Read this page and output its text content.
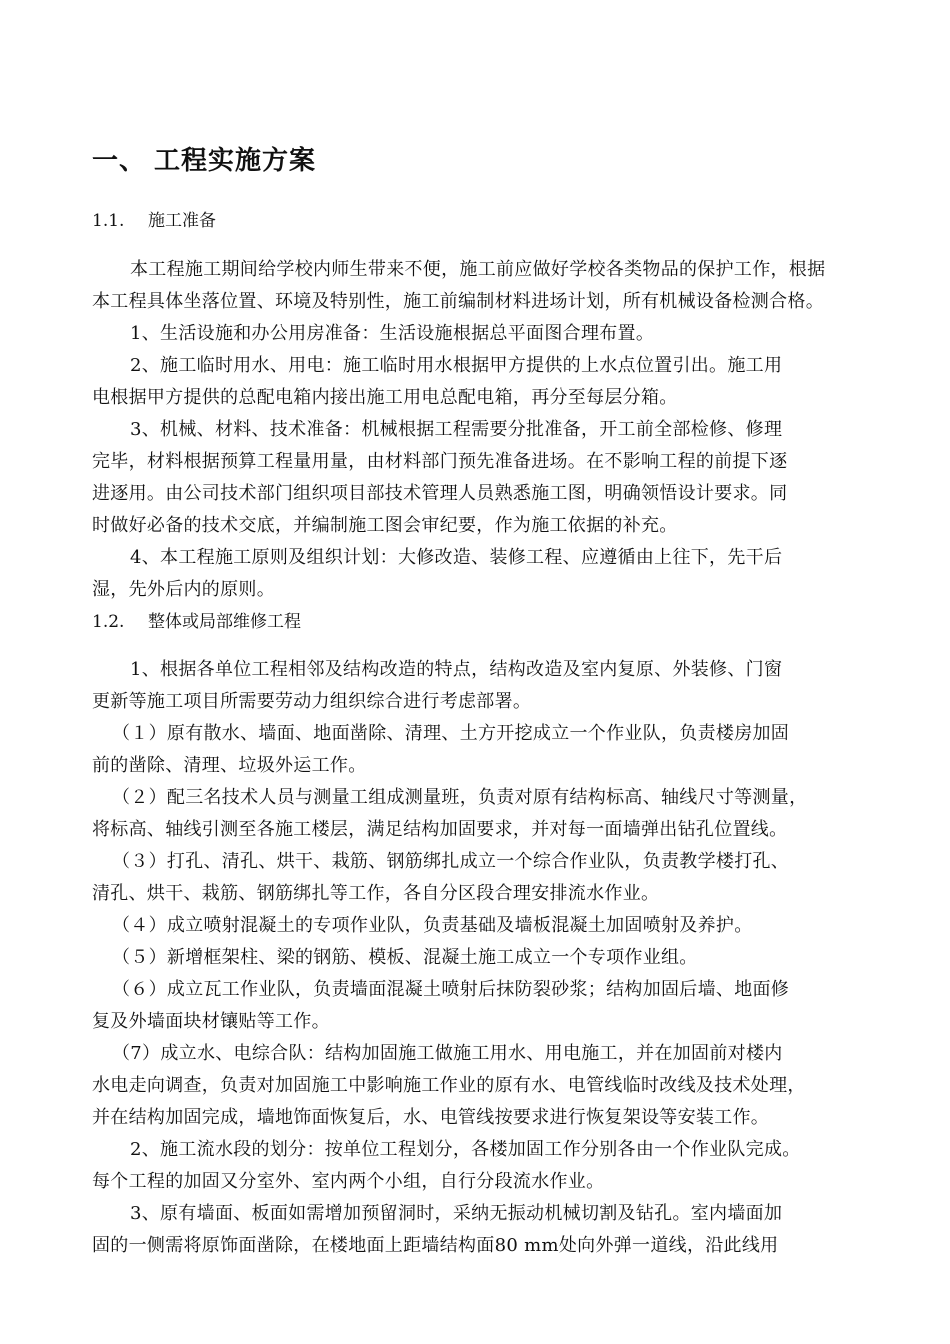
一、 工程实施方案
1.1. 施工准备
本工程施工期间给学校内师生带来不便，施工前应做好学校各类物品的保护工作，根据
本工程具体坐落位置、环境及特别性，施工前编制材料进场计划，所有机械设备检测合格。
1、生活设施和办公用房准备：生活设施根据总平面图合理布置。
2、施工临时用水、用电：施工临时用水根据甲方提供的上水点位置引出。施工用
电根据甲方提供的总配电箱内接出施工用电总配电箱，再分至每层分箱。
3、机械、材料、技术准备：机械根据工程需要分批准备，开工前全部检修、修理
完毕，材料根据预算工程量用量，由材料部门预先准备进场。在不影响工程的前提下逐
进逐用。由公司技术部门组织项目部技术管理人员熟悉施工图，明确领悟设计要求。同
时做好必备的技术交底，并编制施工图会审纪要，作为施工依据的补充。
4、本工程施工原则及组织计划：大修改造、装修工程、应遵循由上往下，先干后
湿，先外后内的原则。
1.2. 整体或局部维修工程
1、根据各单位工程相邻及结构改造的特点，结构改造及室内复原、外装修、门窗
更新等施工项目所需要劳动力组织综合进行考虑部署。
（１）原有散水、墙面、地面凿除、清理、土方开挖成立一个作业队，负责楼房加固
前的凿除、清理、垃圾外运工作。
（２）配三名技术人员与测量工组成测量班，负责对原有结构标高、轴线尺寸等测量，
将标高、轴线引测至各施工楼层，满足结构加固要求，并对每一面墙弹出钻孔位置线。
（３）打孔、清孔、烘干、栽筋、钢筋绑扎成立一个综合作业队，负责教学楼打孔、
清孔、烘干、栽筋、钢筋绑扎等工作，各自分区段合理安排流水作业。
（４）成立喷射混凝土的专项作业队，负责基础及墙板混凝土加固喷射及养护。
（５）新增框架柱、梁的钢筋、模板、混凝土施工成立一个专项作业组。
（６）成立瓦工作业队，负责墙面混凝土喷射后抹防裂砂浆；结构加固后墙、地面修
复及外墙面块材镶贴等工作。
（7）成立水、电综合队：结构加固施工做施工用水、用电施工，并在加固前对楼内
水电走向调查，负责对加固施工中影响施工作业的原有水、电管线临时改线及技术处理，
并在结构加固完成，墙地饰面恢复后，水、电管线按要求进行恢复架设等安装工作。
2、施工流水段的划分：按单位工程划分，各楼加固工作分别各由一个作业队完成。
每个工程的加固又分室外、室内两个小组，自行分段流水作业。
3、原有墙面、板面如需增加预留洞时，采纳无振动机械切割及钻孔。室内墙面加
固的一侧需将原饰面凿除，在楼地面上距墙结构面80 mm处向外弹一道线，沿此线用
